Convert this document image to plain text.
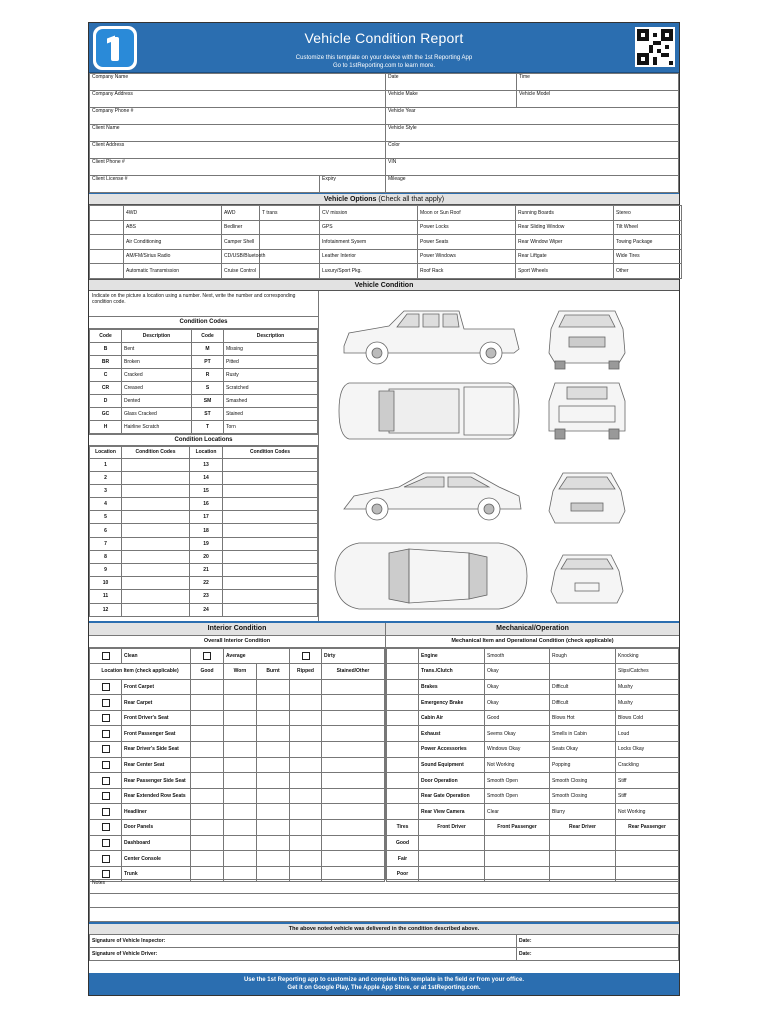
Vehicle Condition Report
Customize this template on your device with the 1st Reporting App
Go to 1stReporting.com to learn more.
Company Name		Date	Time
Company Address		Vehicle Make	Vehicle Model
Company Phone #		Vehicle Year	
Client Name		Vehicle Style	
Client Address		Color	
Client Phone #		VIN	
Client License #	Expiry	Mileage	
Vehicle Options (Check all that apply)
	4WD	AWD	T trans	CV mission	Moon or Sun Roof	Running Boards	Stereo
	ABS	Bedliner		GPS	Power Locks	Rear Sliding Window	Tilt Wheel
	Air Conditioning	Camper Shell		Infotainment Sysem	Power Seats	Rear Window Wiper	Towing Package
	AM/FM/Sirius Radio	CD/USB/Bluetooth		Leather Interior	Power Windows	Rear Liftgate	Wide Tires
	Automatic Transmission	Cruise Control		Luxury/Sport Pkg.	Roof Rack	Sport Wheels	Other
Vehicle Condition
Indicate on the picture a location using a number. Next, write the number and corresponding condition code.
Condition Codes
Code	Description	Code	Description
B	Bent	M	Missing
BR	Broken	PT	Pitted
C	Cracked	R	Rusty
CR	Creased	S	Scratched
D	Dented	SM	Smashed
GC	Glass Cracked	ST	Stained
H	Hairline Scratch	T	Torn
Condition Locations
Location	Condition Codes	Location	Condition Codes
1		13	
2		14	
3		15	
4		16	
5		17	
6		18	
7		19	
8		20	
9		21	
10		22	
11		23	
12		24	
Interior Condition
Overall Interior Condition
	Clean		Average			Dirty
Location Item (check applicable)		Good	Worn	Burnt	Ripped	Stained/Other
	Front Carpet					
	Rear Carpet					
	Front Driver's Seat					
	Front Passenger Seat					
	Rear Driver's Side Seat					
	Rear Center Seat					
	Rear Passenger Side Seat					
	Rear Extended Row Seats					
	Headliner					
	Door Panels					
	Dashboard					
	Center Console					
	Trunk					
Mechanical/Operation
Mechanical Item and Operational Condition (check applicable)
	Engine	Smooth	Rough	Knocking
	Trans./Clutch	Okay		Slips/Catches
	Brakes	Okay	Difficult	Mushy
	Emergency Brake	Okay	Difficult	Mushy
	Cabin Air	Good	Blows Hot	Blows Cold
	Exhaust	Seems Okay	Smells in Cabin	Loud
	Power Accessories	Windows Okay	Seats Okay	Locks Okay
	Sound Equipment	Not Working	Popping	Crackling
	Door Operation	Smooth Open	Smooth Closing	Stiff
	Rear Gate Operation	Smooth Open	Smooth Closing	Stiff
	Rear View Camera	Clear	Blurry	Not Working
Tires	Front Driver	Front Passenger	Rear Driver	Rear Passenger
Good				
Fair				
Poor				
Notes

The above noted vehicle was delivered in the condition described above.
Signature of Vehicle Inspector:	Date:
Signature of Vehicle Driver:	Date:
Use the 1st Reporting app to customize and complete this template in the field or from your office.
Get it on Google Play, The Apple App Store, or at 1stReporting.com.
